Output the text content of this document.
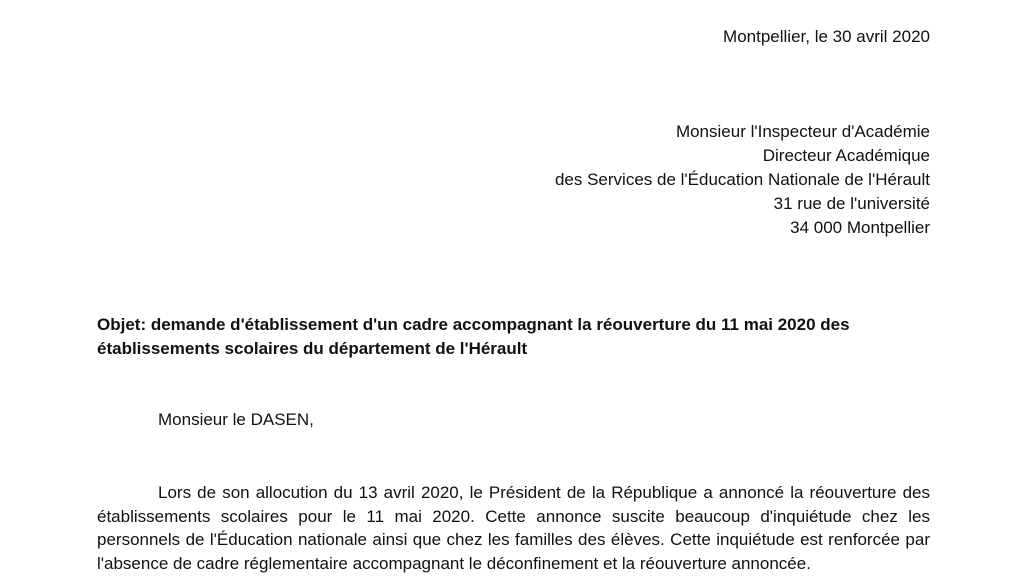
Montpellier, le 30 avril 2020
Monsieur l'Inspecteur d'Académie
Directeur Académique
des Services de l'Éducation Nationale de l'Hérault
31 rue de l'université
34 000 Montpellier
Objet: demande d'établissement d'un cadre accompagnant la réouverture du 11 mai 2020 des établissements scolaires du département de l'Hérault
Monsieur le DASEN,

Lors de son allocution du 13 avril 2020, le Président de la République a annoncé la réouverture des établissements scolaires pour le 11 mai 2020. Cette annonce suscite beaucoup d'inquiétude chez les personnels de l'Éducation nationale ainsi que chez les familles des élèves. Cette inquiétude est renforcée par l'absence de cadre réglementaire accompagnant le déconfinement et la réouverture annoncée.
